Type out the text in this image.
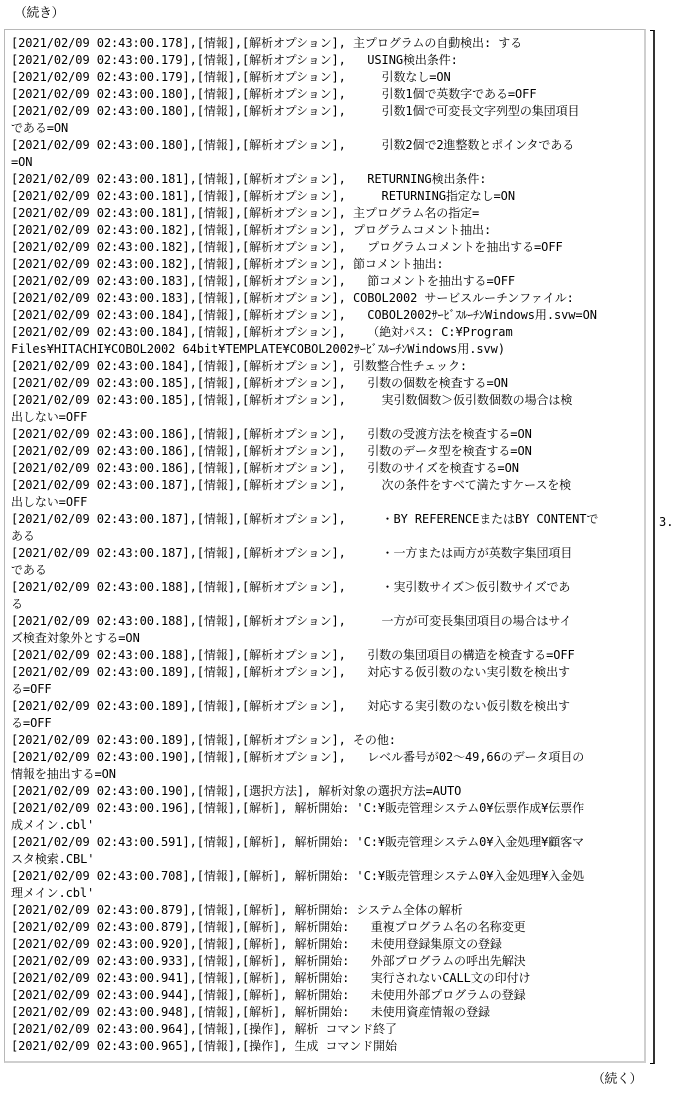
（続き）
[2021/02/09 02:43:00.178],[情報],[解析オプション], 主プログラムの自動検出: する
[2021/02/09 02:43:00.179],[情報],[解析オプション],   USING検出条件:
[2021/02/09 02:43:00.179],[情報],[解析オプション],     引数なし=ON
[2021/02/09 02:43:00.180],[情報],[解析オプション],     引数1個で英数字である=OFF
[2021/02/09 02:43:00.180],[情報],[解析オプション],     引数1個で可変長文字列型の集団項目
である=ON
[2021/02/09 02:43:00.180],[情報],[解析オプション],     引数2個で2進整数とポインタである
=ON
[2021/02/09 02:43:00.181],[情報],[解析オプション],   RETURNING検出条件:
[2021/02/09 02:43:00.181],[情報],[解析オプション],     RETURNING指定なし=ON
[2021/02/09 02:43:00.181],[情報],[解析オプション], 主プログラム名の指定=
[2021/02/09 02:43:00.182],[情報],[解析オプション], プログラムコメント抽出:
[2021/02/09 02:43:00.182],[情報],[解析オプション],   プログラムコメントを抽出する=OFF
[2021/02/09 02:43:00.182],[情報],[解析オプション], 節コメント抽出:
[2021/02/09 02:43:00.183],[情報],[解析オプション],   節コメントを抽出する=OFF
[2021/02/09 02:43:00.183],[情報],[解析オプション], COBOL2002 サービスルーチンファイル:
[2021/02/09 02:43:00.184],[情報],[解析オプション],   COBOL2002ｻｰﾋﾞｽﾙｰﾁﾝWindows用.svw=ON
[2021/02/09 02:43:00.184],[情報],[解析オプション],   （絶対パス: C:¥Program
Files¥HITACHI¥COBOL2002 64bit¥TEMPLATE¥COBOL2002ｻｰﾋﾞｽﾙｰﾁﾝWindows用.svw)
[2021/02/09 02:43:00.184],[情報],[解析オプション], 引数整合性チェック:
[2021/02/09 02:43:00.185],[情報],[解析オプション],   引数の個数を検査する=ON
[2021/02/09 02:43:00.185],[情報],[解析オプション],     実引数個数＞仮引数個数の場合は検
出しない=OFF
[2021/02/09 02:43:00.186],[情報],[解析オプション],   引数の受渡方法を検査する=ON
[2021/02/09 02:43:00.186],[情報],[解析オプション],   引数のデータ型を検査する=ON
[2021/02/09 02:43:00.186],[情報],[解析オプション],   引数のサイズを検査する=ON
[2021/02/09 02:43:00.187],[情報],[解析オプション],     次の条件をすべて満たすケースを検
出しない=OFF
[2021/02/09 02:43:00.187],[情報],[解析オプション],     ・BY REFERENCEまたはBY CONTENTで
ある
[2021/02/09 02:43:00.187],[情報],[解析オプション],     ・一方または両方が英数字集団項目
である
[2021/02/09 02:43:00.188],[情報],[解析オプション],     ・実引数サイズ＞仮引数サイズであ
る
[2021/02/09 02:43:00.188],[情報],[解析オプション],     一方が可変長集団項目の場合はサイ
ズ検査対象外とする=ON
[2021/02/09 02:43:00.188],[情報],[解析オプション],   引数の集団項目の構造を検査する=OFF
[2021/02/09 02:43:00.189],[情報],[解析オプション],   対応する仮引数のない実引数を検出す
る=OFF
[2021/02/09 02:43:00.189],[情報],[解析オプション],   対応する実引数のない仮引数を検出す
る=OFF
[2021/02/09 02:43:00.189],[情報],[解析オプション], その他:
[2021/02/09 02:43:00.190],[情報],[解析オプション],   レベル番号が02～49,66のデータ項目の
情報を抽出する=ON
[2021/02/09 02:43:00.190],[情報],[選択方法], 解析対象の選択方法=AUTO
[2021/02/09 02:43:00.196],[情報],[解析], 解析開始: 'C:¥販売管理システム0¥伝票作成¥伝票作
成メイン.cbl'
[2021/02/09 02:43:00.591],[情報],[解析], 解析開始: 'C:¥販売管理システム0¥入金処理¥顧客マ
スタ検索.CBL'
[2021/02/09 02:43:00.708],[情報],[解析], 解析開始: 'C:¥販売管理システム0¥入金処理¥入金処
理メイン.cbl'
[2021/02/09 02:43:00.879],[情報],[解析], 解析開始: システム全体の解析
[2021/02/09 02:43:00.879],[情報],[解析], 解析開始:   重複プログラム名の名称変更
[2021/02/09 02:43:00.920],[情報],[解析], 解析開始:   未使用登録集原文の登録
[2021/02/09 02:43:00.933],[情報],[解析], 解析開始:   外部プログラムの呼出先解決
[2021/02/09 02:43:00.941],[情報],[解析], 解析開始:   実行されないCALL文の印付け
[2021/02/09 02:43:00.944],[情報],[解析], 解析開始:   未使用外部プログラムの登録
[2021/02/09 02:43:00.948],[情報],[解析], 解析開始:   未使用資産情報の登録
[2021/02/09 02:43:00.964],[情報],[操作], 解析 コマンド終了
[2021/02/09 02:43:00.965],[情報],[操作], 生成 コマンド開始
3.
（続く）
